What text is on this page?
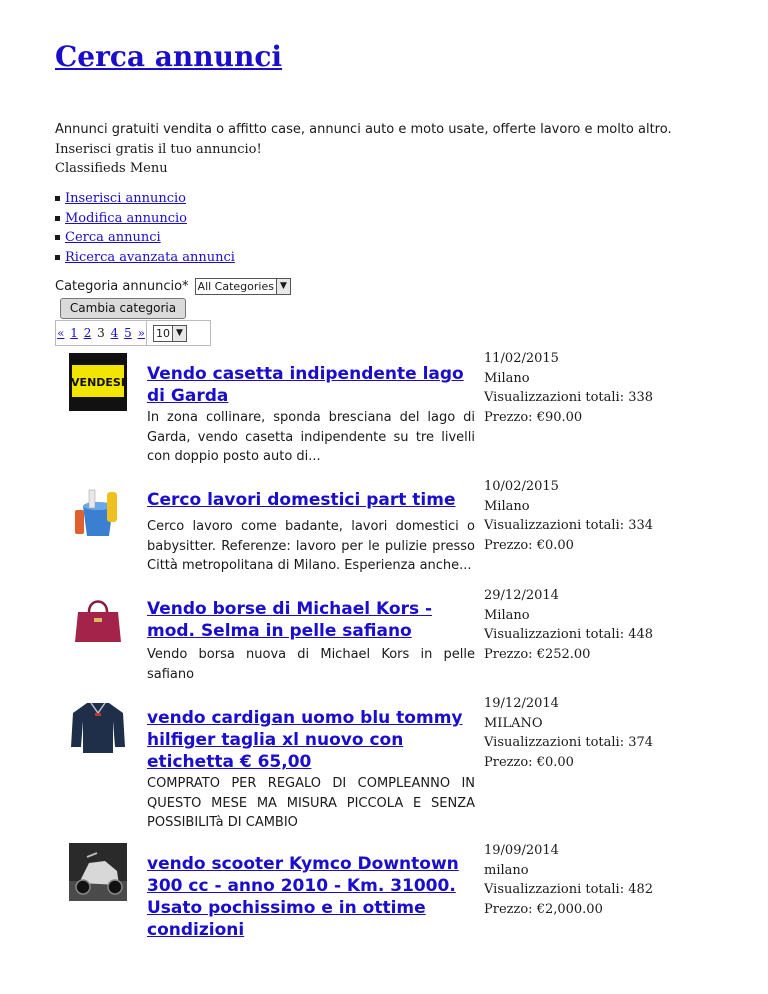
Cerca annunci
Annunci gratuiti vendita o affitto case, annunci auto e moto usate, offerte lavoro e molto altro.
Inserisci gratis il tuo annuncio!
Classifieds Menu
Inserisci annuncio
Modifica annuncio
Cerca annunci
Ricerca avanzata annunci
Categoria annuncio* All Categories ▼
Cambia categoria
« 1 2 3 4 5 » 10 ▼
VENDESI Vendo casetta indipendente lago di Garda

In zona collinare, sponda bresciana del lago di Garda, vendo casetta indipendente su tre livelli con doppio posto auto di...

11/02/2015
Milano
Visualizzazioni totali: 338
Prezzo: €90.00
Cerco lavori domestici part time

Cerco lavoro come badante, lavori domestici o babysitter. Referenze: lavoro per le pulizie presso Città metropolitana di Milano. Esperienza anche...

10/02/2015
Milano
Visualizzazioni totali: 334
Prezzo: €0.00
Vendo borse di Michael Kors - mod. Selma in pelle safiano

Vendo borsa nuova di Michael Kors in pelle safiano

29/12/2014
Milano
Visualizzazioni totali: 448
Prezzo: €252.00
vendo cardigan uomo blu tommy hilfiger taglia xl nuovo con etichetta € 65,00

COMPRATO PER REGALO DI COMPLEANNO IN QUESTO MESE MA MISURA PICCOLA E SENZA POSSIBILITà DI CAMBIO

19/12/2014
MILANO
Visualizzazioni totali: 374
Prezzo: €0.00
vendo scooter Kymco Downtown 300 cc - anno 2010 - Km. 31000. Usato pochissimo e in ottime condizioni
19/09/2014
milano
Visualizzazioni totali: 482
Prezzo: €2,000.00
